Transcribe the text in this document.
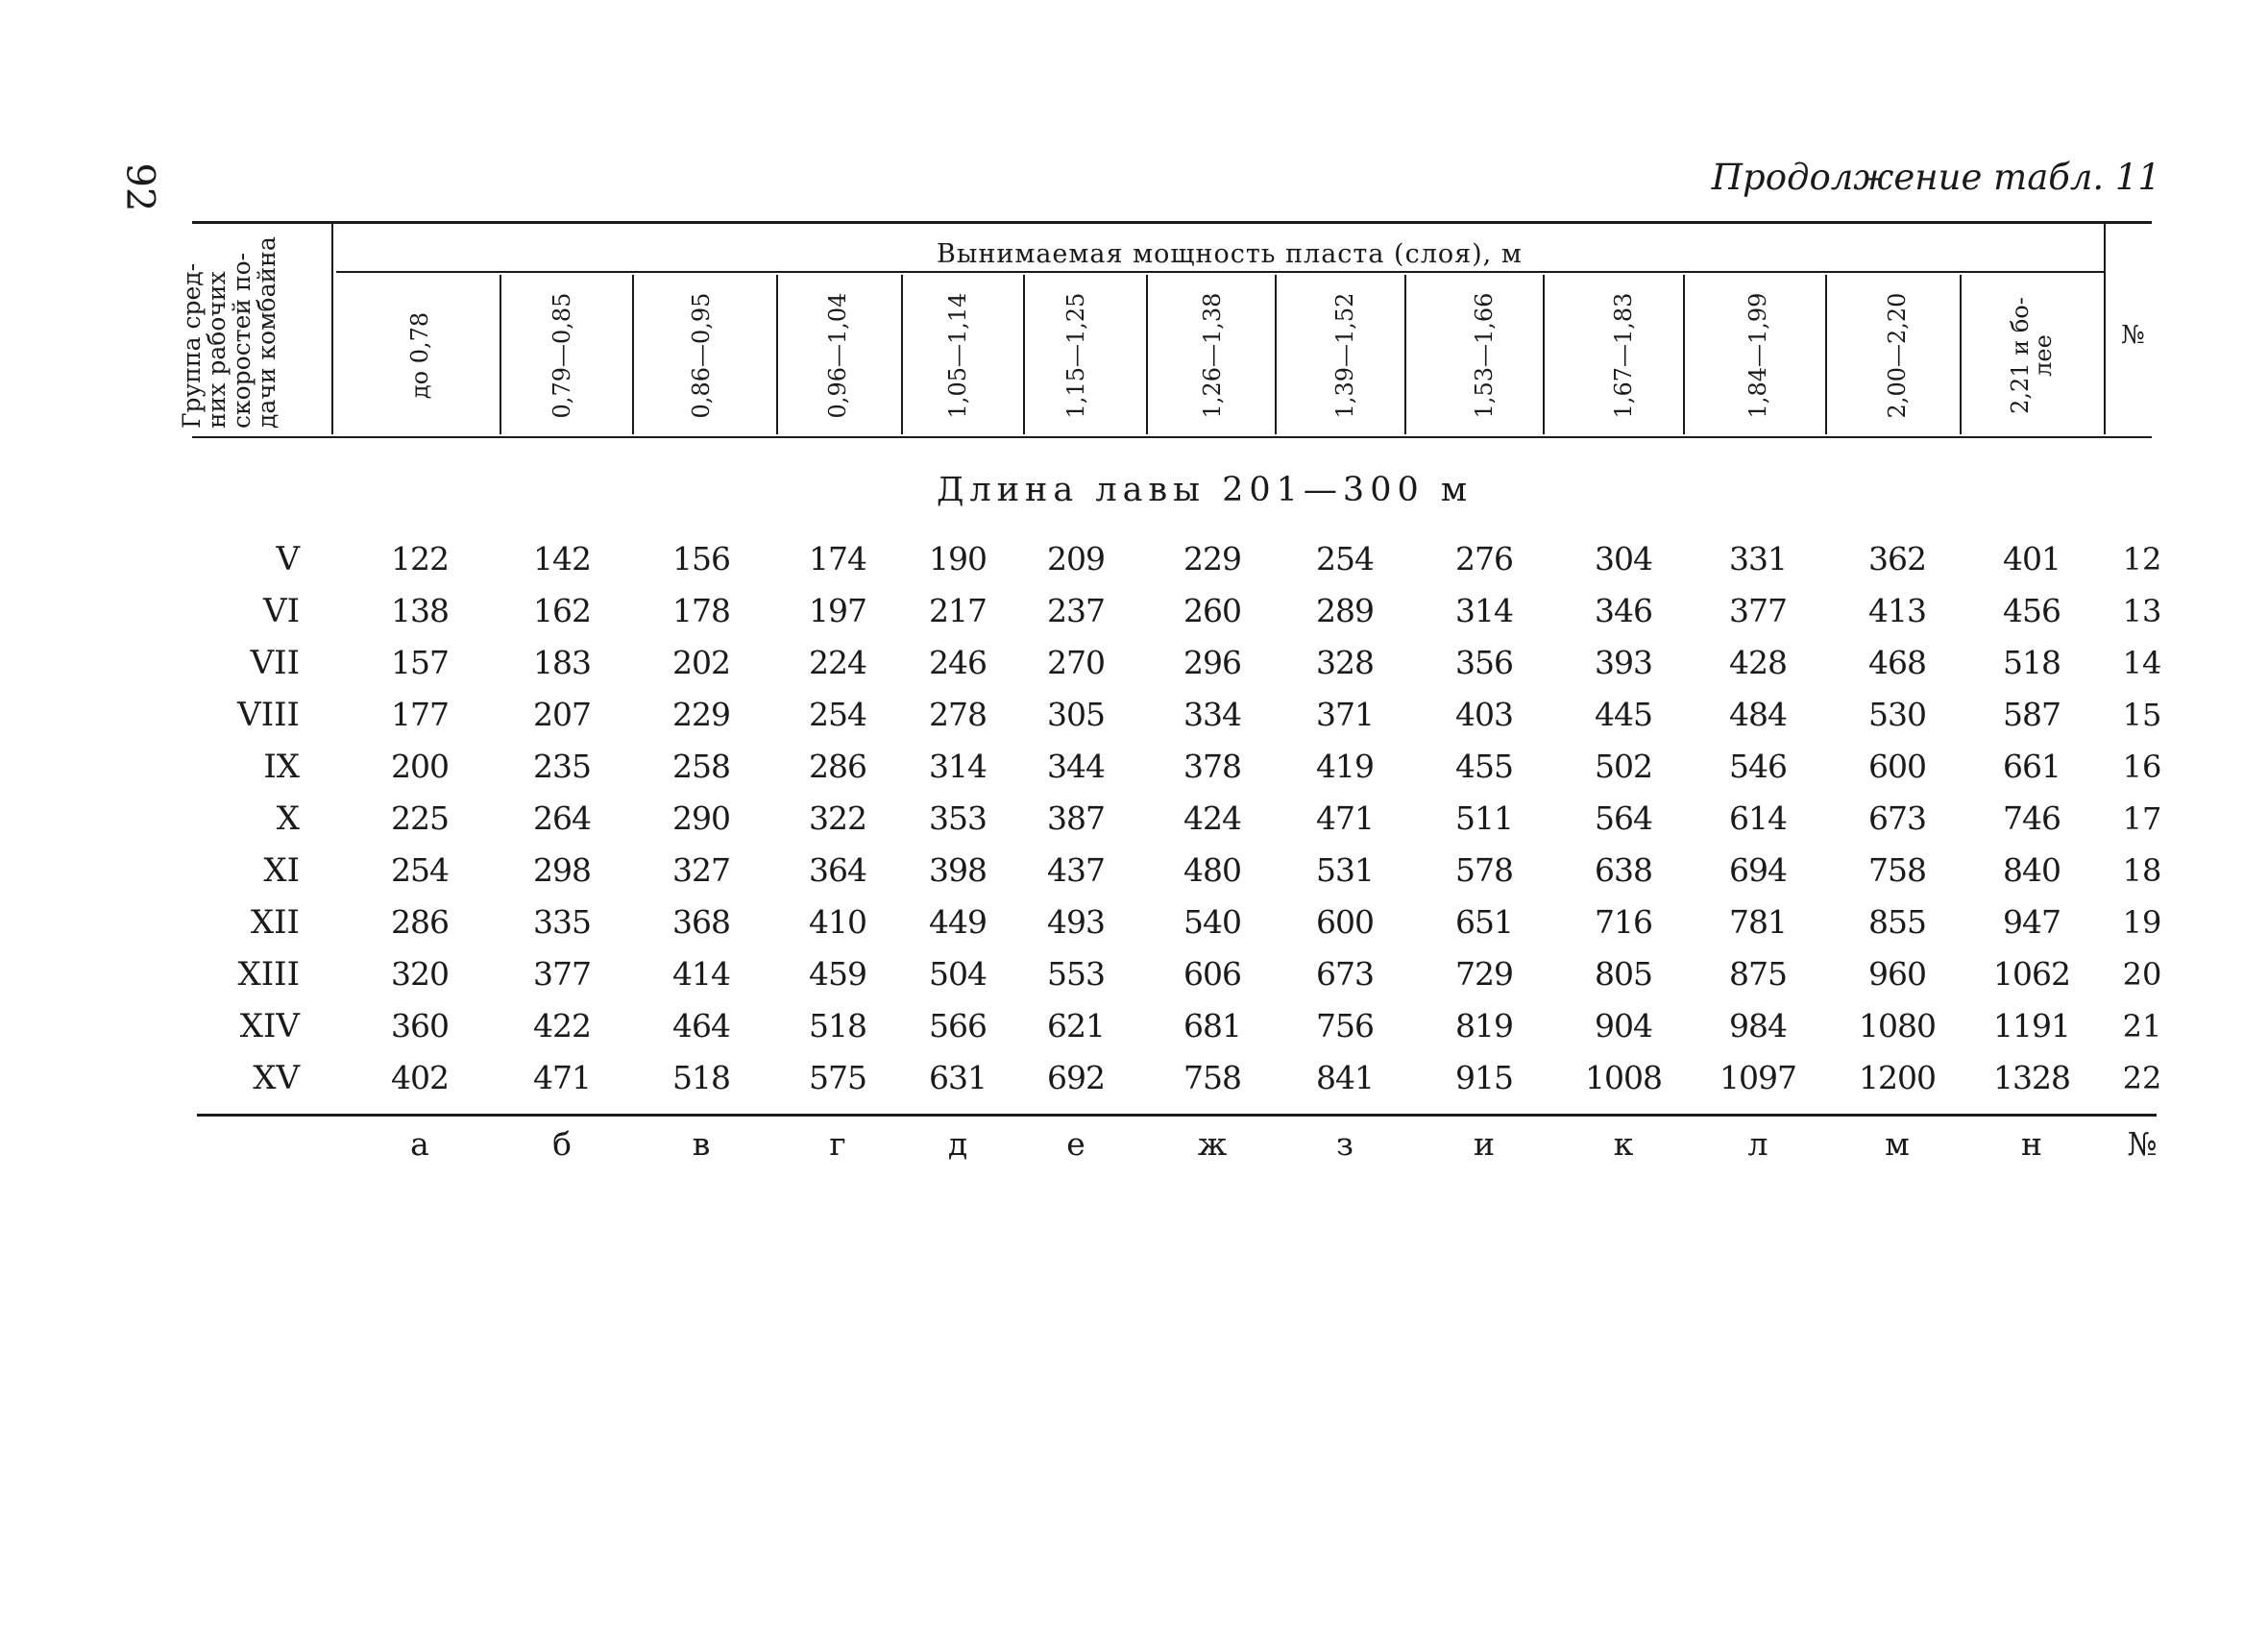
92	Продолжение табл. 11
Группа сред-
них рабочих
скоростей по-
дачи комбайна	Вынимаемая мощность пласта (слоя), м
№
до 0,78	0,79—0,85	0,86—0,95	0,96—1,04	1,05—1,14	1,15—1,25	1,26—1,38	1,39—1,52	1,53—1,66	1,67—1,83	1,84—1,99	2,00—2,20	2,21 и бо-
лее
Длина лавы 201—300 м
V	122	142	156	174	190	209	229	254	276	304	331	362	401	12
VI	138	162	178	197	217	237	260	289	314	346	377	413	456	13
VII	157	183	202	224	246	270	296	328	356	393	428	468	518	14
VIII	177	207	229	254	278	305	334	371	403	445	484	530	587	15
IX	200	235	258	286	314	344	378	419	455	502	546	600	661	16
X	225	264	290	322	353	387	424	471	511	564	614	673	746	17
XI	254	298	327	364	398	437	480	531	578	638	694	758	840	18
XII	286	335	368	410	449	493	540	600	651	716	781	855	947	19
XIII	320	377	414	459	504	553	606	673	729	805	875	960	1062	20
XIV	360	422	464	518	566	621	681	756	819	904	984	1080	1191	21
XV	402	471	518	575	631	692	758	841	915	1008	1097	1200	1328	22
а	б	в	г	д	е	ж	з	и	к	л	м	н	№
